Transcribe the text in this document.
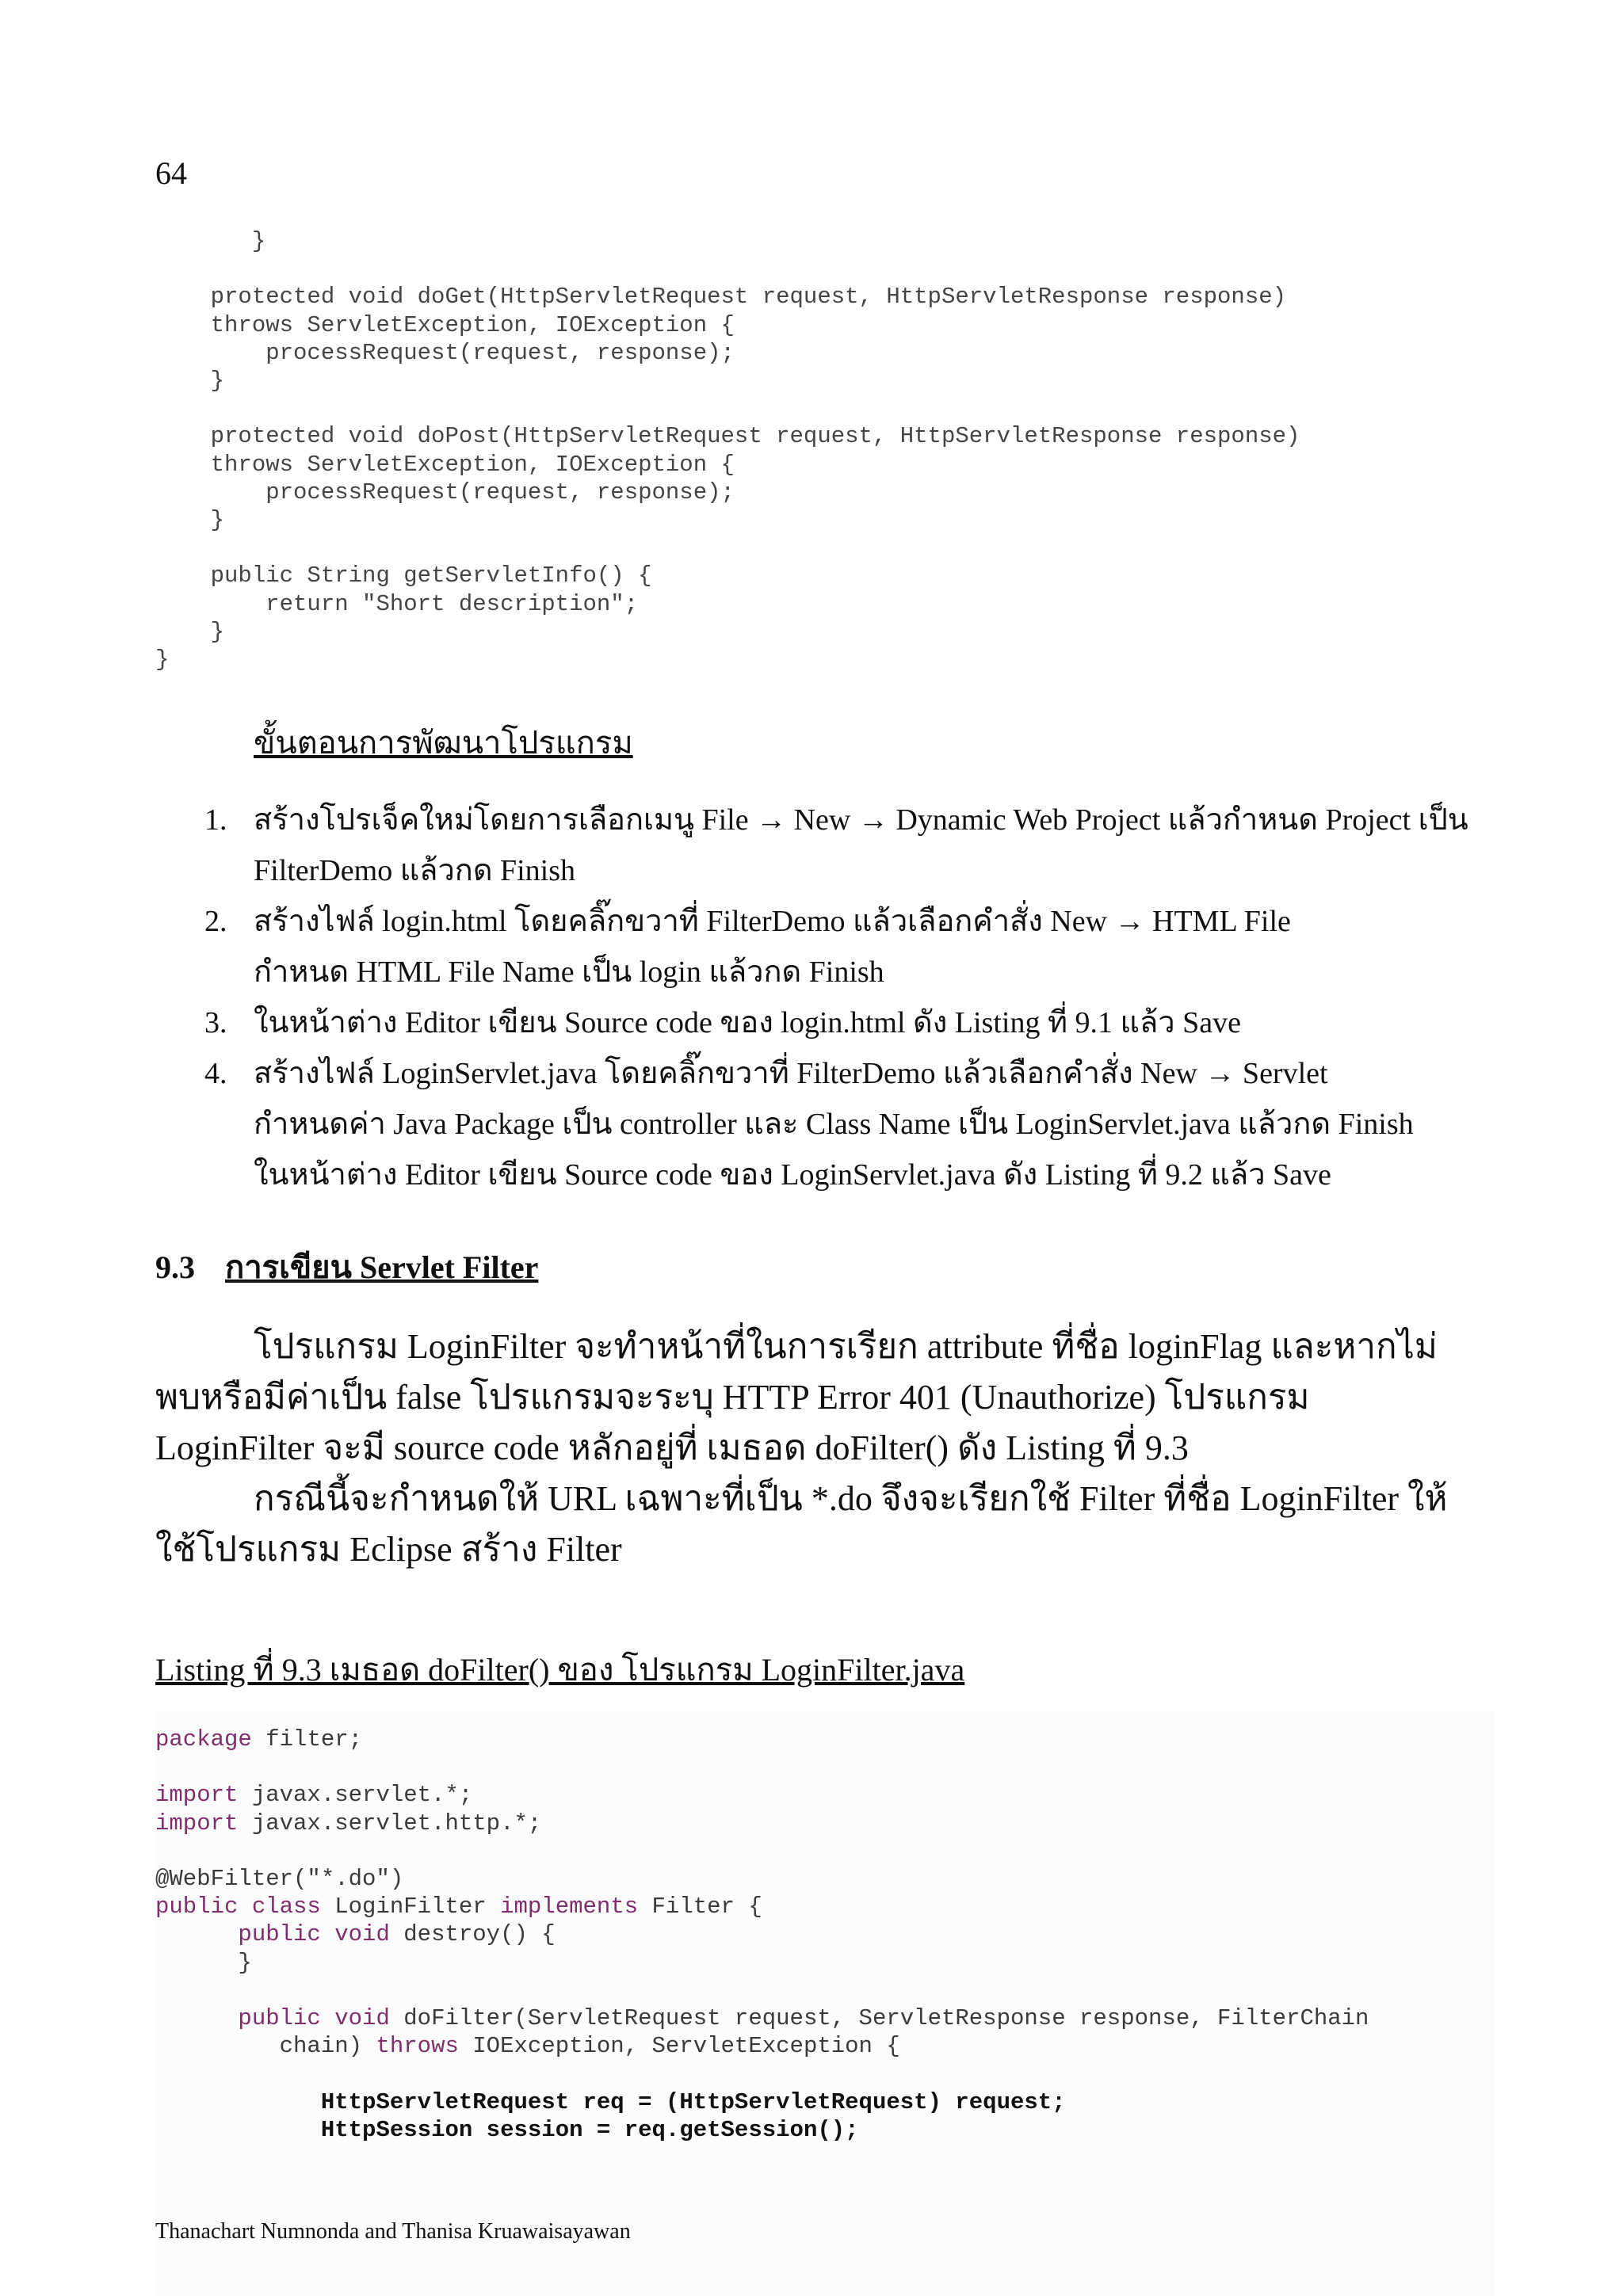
64
}

protected void doGet(HttpServletRequest request, HttpServletResponse response)
throws ServletException, IOException {
processRequest(request, response);
}

protected void doPost(HttpServletRequest request, HttpServletResponse response)
throws ServletException, IOException {
processRequest(request, response);
}

public String getServletInfo() {
return "Short description";
}
}
ขั้นตอนการพัฒนาโปรแกรม
1. สร้างโปรเจ็คใหม่โดยการเลือกเมนู File → New → Dynamic Web Project แล้วกำหนด Project เป็น
FilterDemo แล้วกด Finish
2. สร้างไฟล์ login.html โดยคลิ๊กขวาที่ FilterDemo แล้วเลือกคำสั่ง New → HTML File
กำหนด HTML File Name เป็น login แล้วกด Finish
3. ในหน้าต่าง Editor เขียน Source code ของ login.html ดัง Listing ที่ 9.1 แล้ว Save
4. สร้างไฟล์ LoginServlet.java โดยคลิ๊กขวาที่ FilterDemo แล้วเลือกคำสั่ง New → Servlet
กำหนดค่า Java Package เป็น controller และ Class Name เป็น LoginServlet.java แล้วกด Finish
ในหน้าต่าง Editor เขียน Source code ของ LoginServlet.java ดัง Listing ที่ 9.2 แล้ว Save
9.3 การเขียน Servlet Filter
โปรแกรม LoginFilter จะทำหน้าที่ในการเรียก attribute ที่ชื่อ loginFlag และหากไม่พบหรือมีค่าเป็น false โปรแกรมจะระบุ HTTP Error 401 (Unauthorize) โปรแกรม LoginFilter จะมี source code หลักอยู่ที่ เมธอด doFilter() ดัง Listing ที่ 9.3
กรณีนี้จะกำหนดให้ URL เฉพาะที่เป็น *.do จึงจะเรียกใช้ Filter ที่ชื่อ LoginFilter ให้ใช้โปรแกรม Eclipse สร้าง Filter
Listing ที่ 9.3 เมธอด doFilter() ของ โปรแกรม LoginFilter.java
package filter;

import javax.servlet.*;
import javax.servlet.http.*;

@WebFilter("*.do")
public class LoginFilter implements Filter {
public void destroy() {
}

public void doFilter(ServletRequest request, ServletResponse response, FilterChain
chain) throws IOException, ServletException {

HttpServletRequest req = (HttpServletRequest) request;
HttpSession session = req.getSession();
Thanachart Numnonda and Thanisa Kruawaisayawan
